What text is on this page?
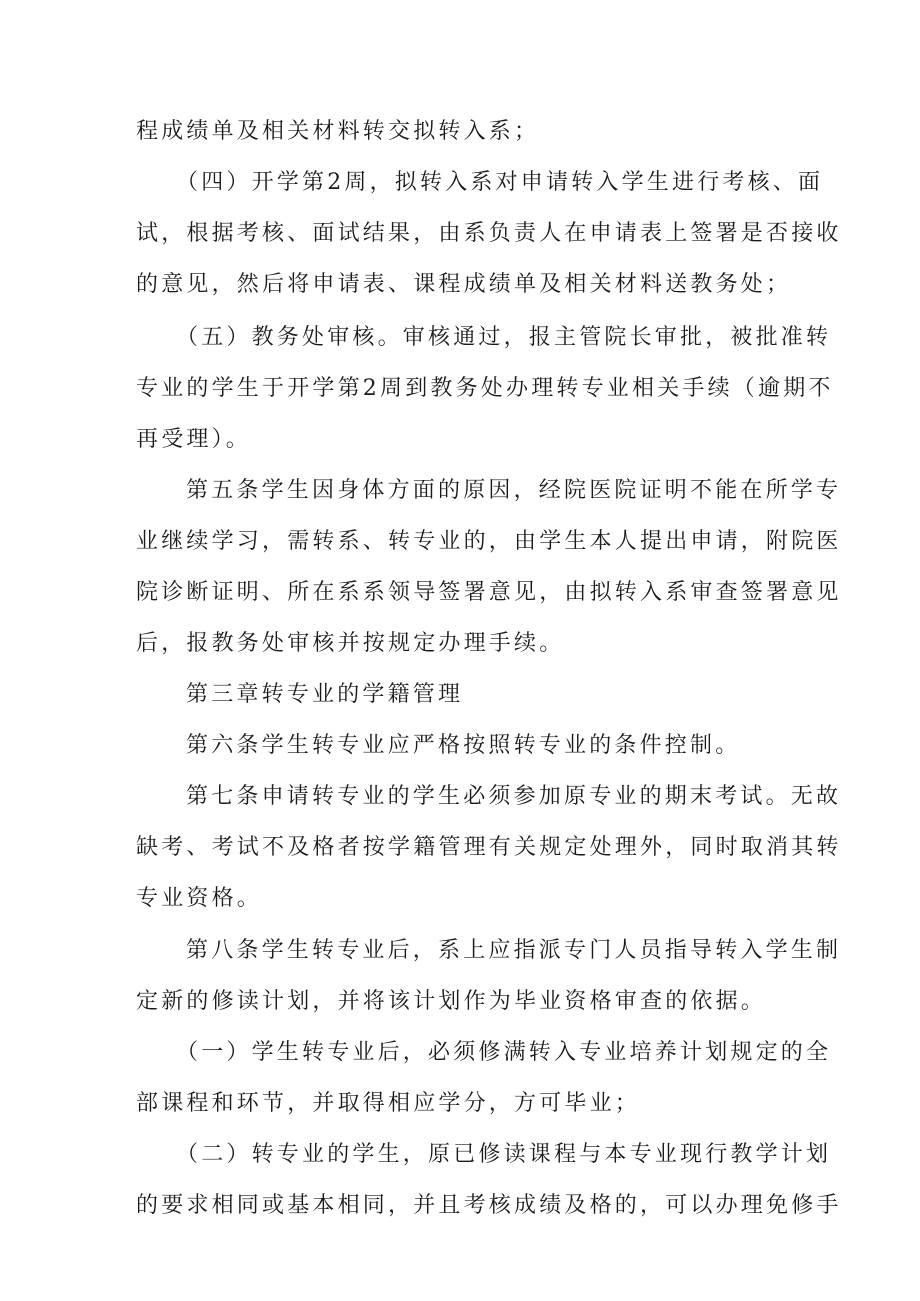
程成绩单及相关材料转交拟转入系；
（四）开学第2周，拟转入系对申请转入学生进行考核、面
试，根据考核、面试结果，由系负责人在申请表上签署是否接收
的意见，然后将申请表、课程成绩单及相关材料送教务处；
（五）教务处审核。审核通过，报主管院长审批，被批准转
专业的学生于开学第2周到教务处办理转专业相关手续（逾期不
再受理）。
第五条学生因身体方面的原因，经院医院证明不能在所学专
业继续学习，需转系、转专业的，由学生本人提出申请，附院医
院诊断证明、所在系系领导签署意见，由拟转入系审查签署意见
后，报教务处审核并按规定办理手续。
第三章转专业的学籍管理
第六条学生转专业应严格按照转专业的条件控制。
第七条申请转专业的学生必须参加原专业的期末考试。无故
缺考、考试不及格者按学籍管理有关规定处理外，同时取消其转
专业资格。
第八条学生转专业后，系上应指派专门人员指导转入学生制
定新的修读计划，并将该计划作为毕业资格审查的依据。
（一）学生转专业后，必须修满转入专业培养计划规定的全
部课程和环节，并取得相应学分，方可毕业；
（二）转专业的学生，原已修读课程与本专业现行教学计划
的要求相同或基本相同，并且考核成绩及格的，可以办理免修手
